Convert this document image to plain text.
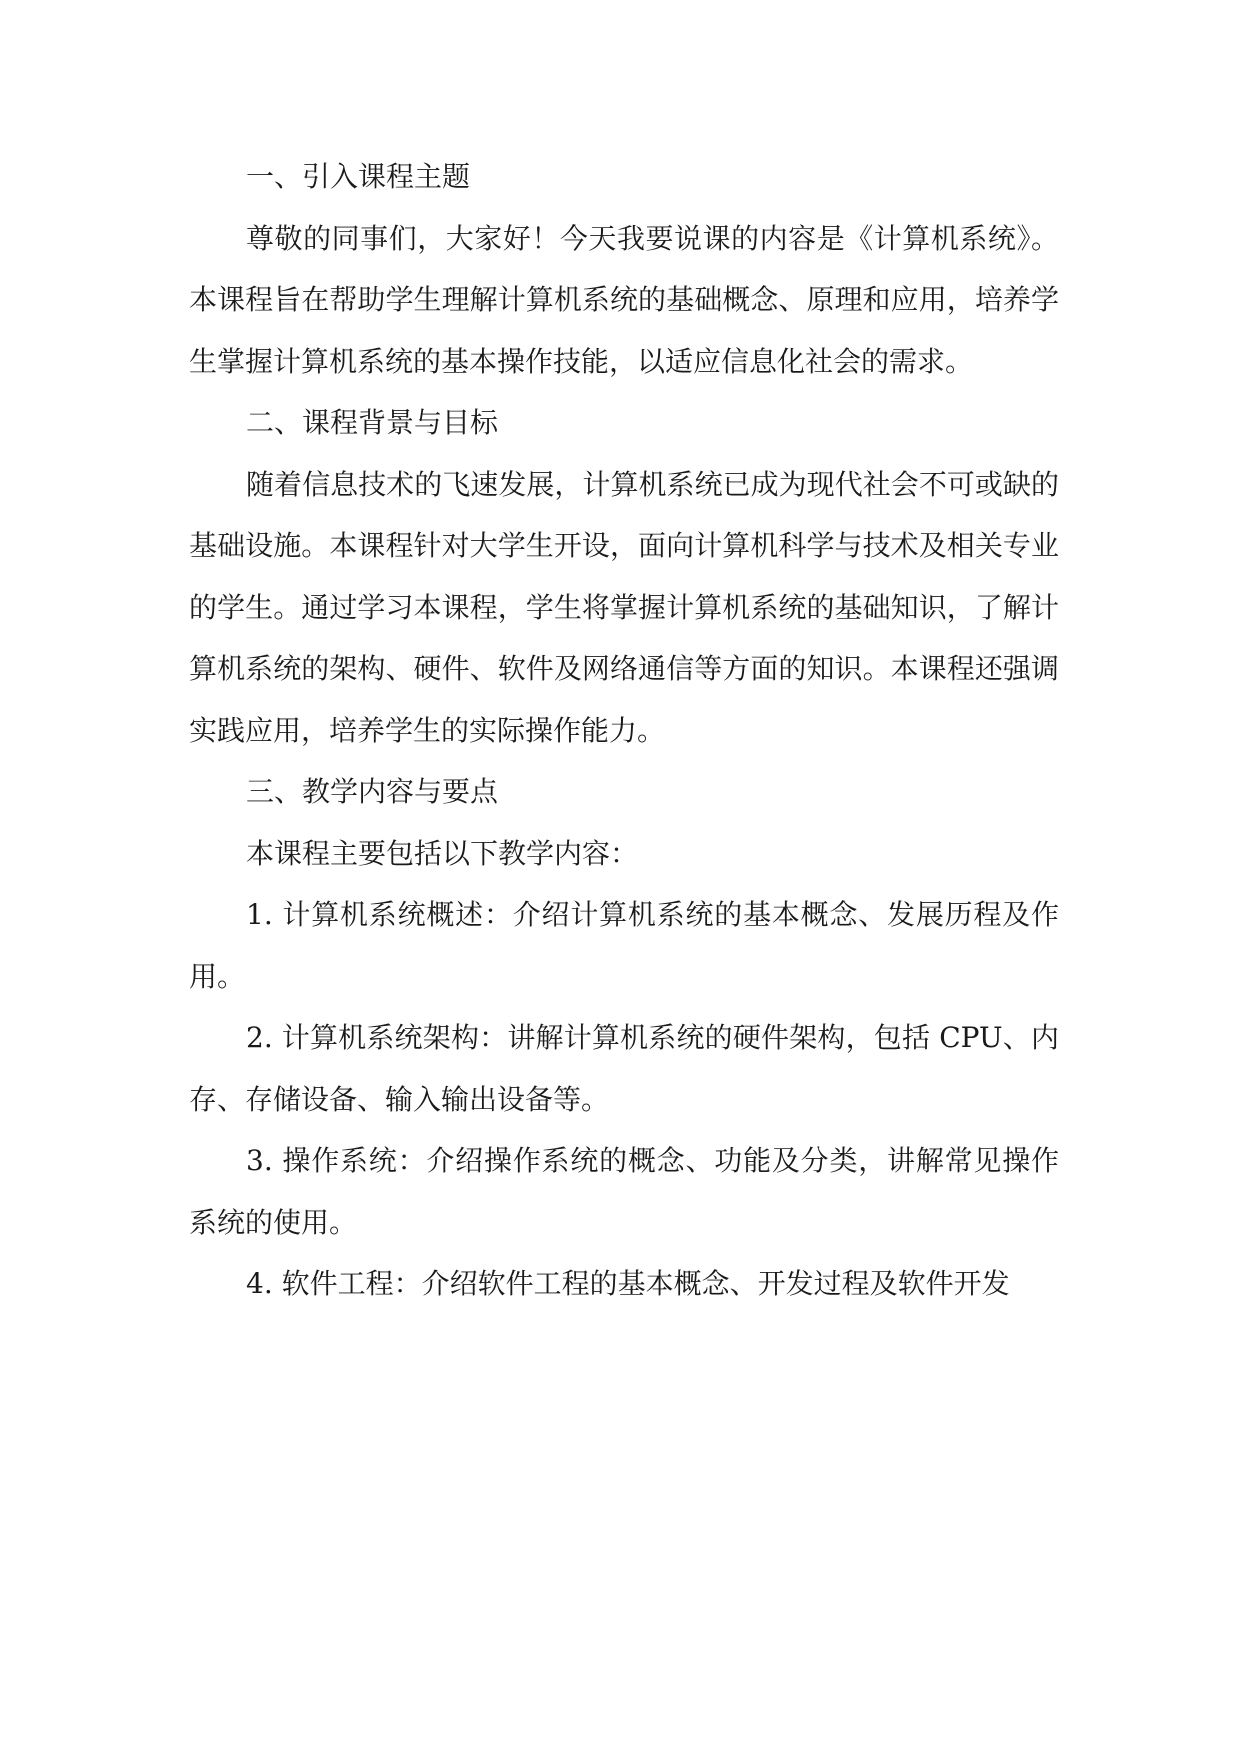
一、引入课程主题

尊敬的同事们，大家好！今天我要说课的内容是《计算机系统》。本课程旨在帮助学生理解计算机系统的基础概念、原理和应用，培养学生掌握计算机系统的基本操作技能，以适应信息化社会的需求。

二、课程背景与目标

随着信息技术的飞速发展，计算机系统已成为现代社会不可或缺的基础设施。本课程针对大学生开设，面向计算机科学与技术及相关专业的学生。通过学习本课程，学生将掌握计算机系统的基础知识，了解计算机系统的架构、硬件、软件及网络通信等方面的知识。本课程还强调实践应用，培养学生的实际操作能力。

三、教学内容与要点

本课程主要包括以下教学内容：

1. 计算机系统概述：介绍计算机系统的基本概念、发展历程及作用。

2. 计算机系统架构：讲解计算机系统的硬件架构，包括 CPU、内存、存储设备、输入输出设备等。

3. 操作系统：介绍操作系统的概念、功能及分类，讲解常见操作系统的使用。

4. 软件工程：介绍软件工程的基本概念、开发过程及软件开发
